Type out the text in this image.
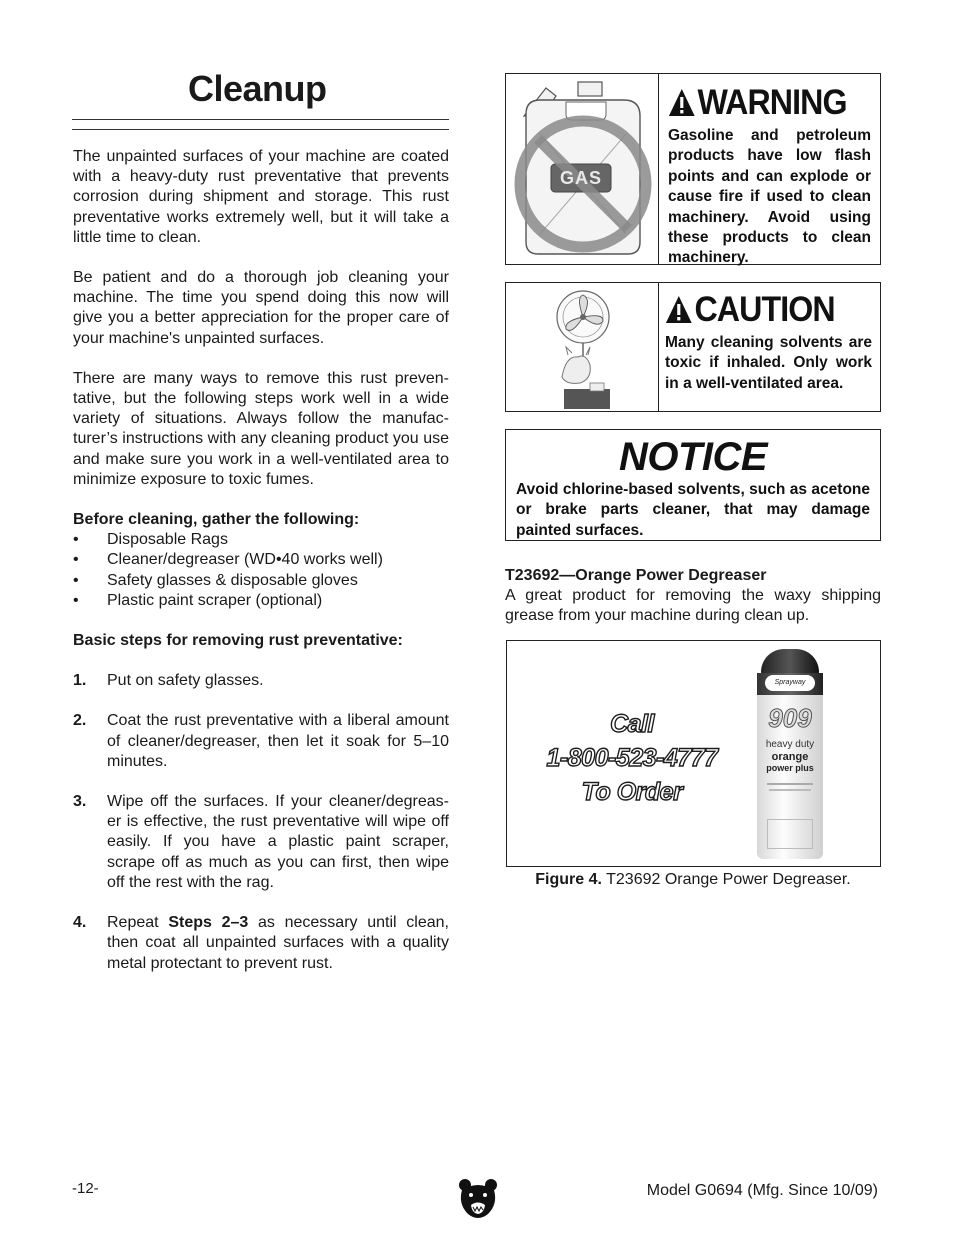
Cleanup

The unpainted surfaces of your machine are coated with a heavy-duty rust preventative that prevents corrosion during shipment and storage. This rust preventative works extremely well, but it will take a little time to clean.

Be patient and do a thorough job cleaning your machine. The time you spend doing this now will give you a better appreciation for the proper care of your machine's unpainted surfaces.

There are many ways to remove this rust preven-tative, but the following steps work well in a wide variety of situations. Always follow the manufac-turer’s instructions with any cleaning product you use and make sure you work in a well-ventilated area to minimize exposure to toxic fumes.

Before cleaning, gather the following:

• Disposable Rags
• Cleaner/degreaser (WD•40 works well)
• Safety glasses & disposable gloves
• Plastic paint scraper (optional)

Basic steps for removing rust preventative:

1. Put on safety glasses.
2. Coat the rust preventative with a liberal amount of cleaner/degreaser, then let it soak for 5–10 minutes.
3. Wipe off the surfaces. If your cleaner/degreas-er is effective, the rust preventative will wipe off easily. If you have a plastic paint scraper, scrape off as much as you can first, then wipe off the rest with the rag.
4. Repeat Steps 2–3 as necessary until clean, then coat all unpainted surfaces with a quality metal protectant to prevent rust.
GAS
WARNING
Gasoline and petroleum products have low flash points and can explode or cause fire if used to clean machinery. Avoid using these products to clean machinery.
CAUTION
Many cleaning solvents are toxic if inhaled. Only work in a well-ventilated area.
NOTICE
Avoid chlorine-based solvents, such as acetone or brake parts cleaner, that may damage painted surfaces.

T23692—Orange Power Degreaser

A great product for removing the waxy shipping grease from your machine during clean up.

Call
1-800-523-4777
To Order
Sprayway
909
heavy duty
orange
power plus
Figure 4. T23692 Orange Power Degreaser.
-12-	Model G0694 (Mfg. Since 10/09)
